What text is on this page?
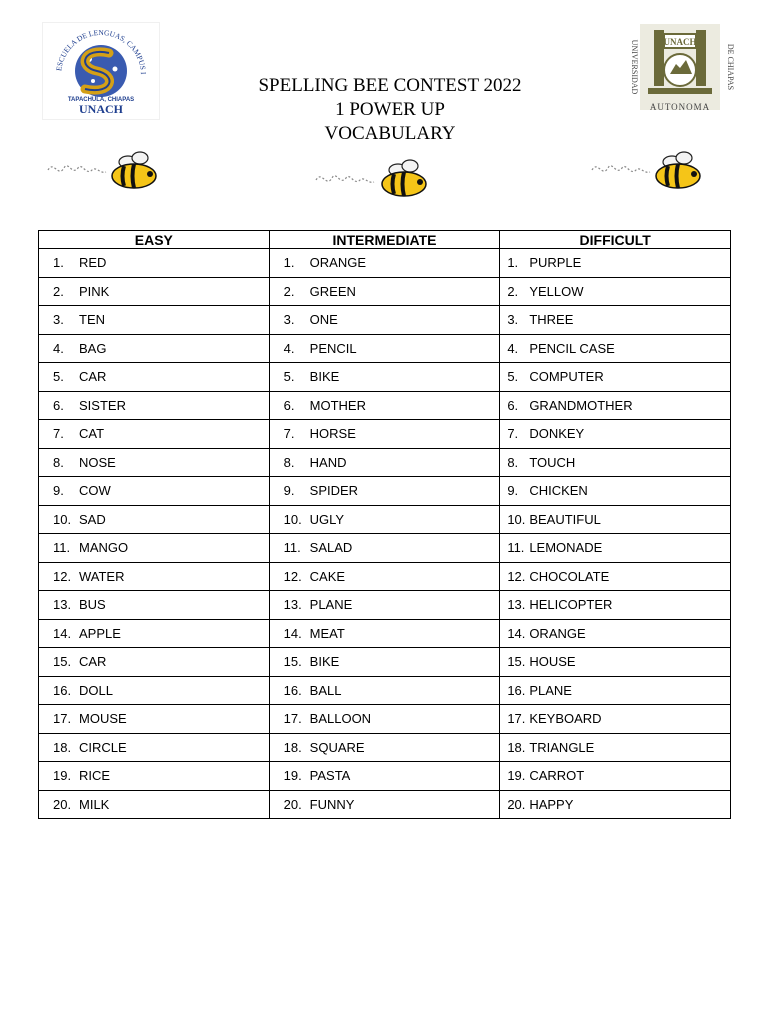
ESCUELA DE LENGUAS, CAMPUS I
TAPACHULA, CHIAPAS
UNACH
UNIVERSIDAD	DE CHIAPAS
UNACH
AUTONOMA
SPELLING BEE CONTEST 2022
1 POWER UP
VOCABULARY
EASY	INTERMEDIATE	DIFFICULT

1. RED	1. ORANGE	1. PURPLE

2. PINK	2. GREEN	2. YELLOW

3. TEN	3. ONE	3. THREE

4. BAG	4. PENCIL	4. PENCIL CASE

5. CAR	5. BIKE	5. COMPUTER

6. SISTER	6. MOTHER	6. GRANDMOTHER

7. CAT	7. HORSE	7. DONKEY

8. NOSE	8. HAND	8. TOUCH

9. COW	9. SPIDER	9. CHICKEN

10. SAD	10. UGLY	10. BEAUTIFUL

11. MANGO	11. SALAD	11. LEMONADE

12. WATER	12. CAKE	12. CHOCOLATE

13. BUS	13. PLANE	13. HELICOPTER

14. APPLE	14. MEAT	14. ORANGE

15. CAR	15. BIKE	15. HOUSE

16. DOLL	16. BALL	16. PLANE

17. MOUSE	17. BALLOON	17. KEYBOARD

18. CIRCLE	18. SQUARE	18. TRIANGLE

19. RICE	19. PASTA	19. CARROT

20. MILK	20. FUNNY	20. HAPPY
